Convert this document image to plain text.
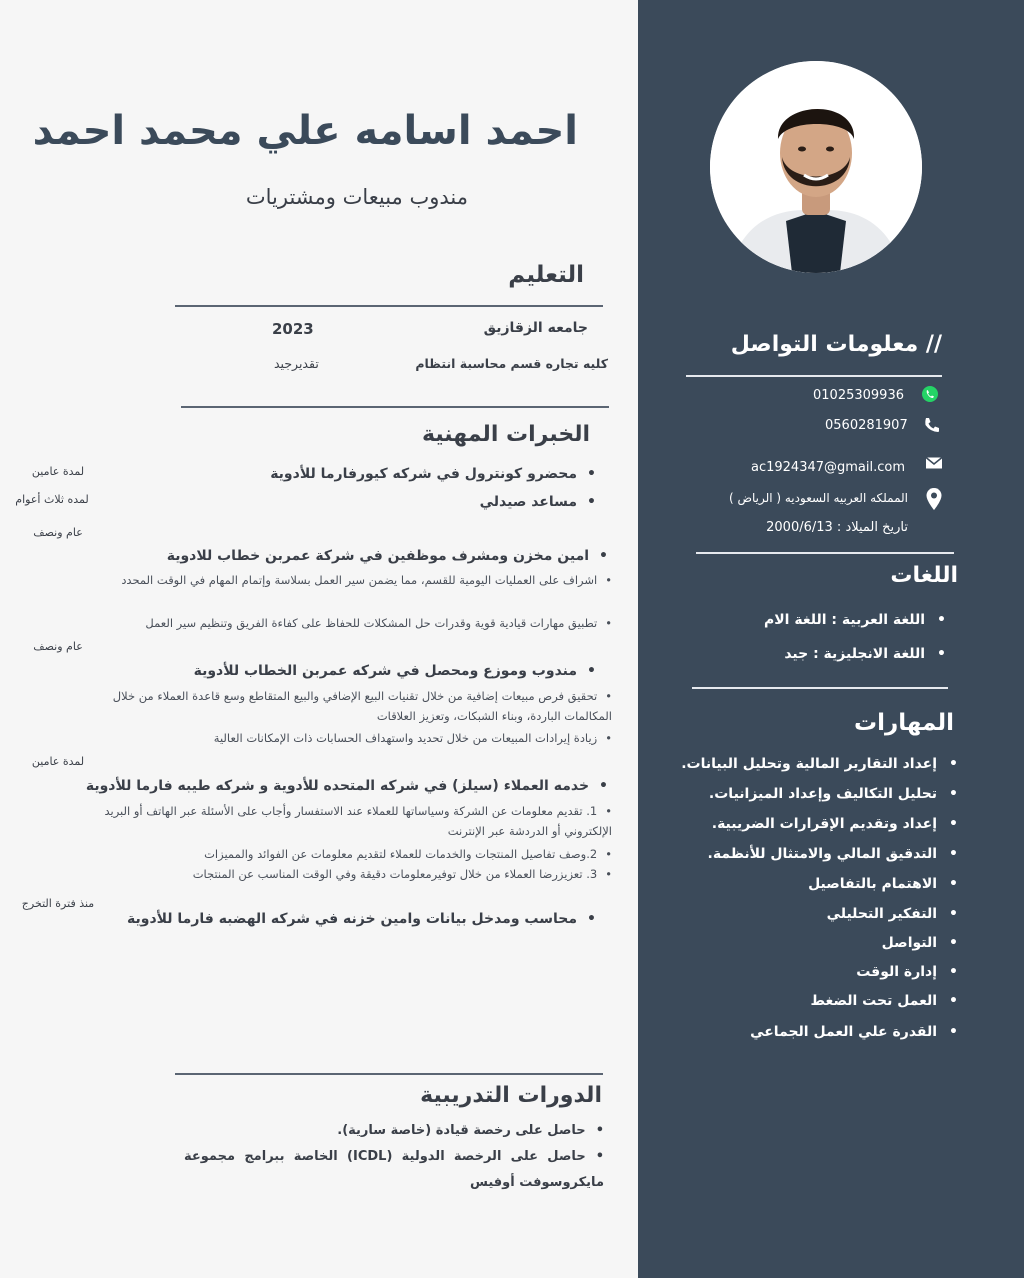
احمد اسامه علي محمد احمد
مندوب مبيعات ومشتريات
التعليم
جامعه الزقازيق
2023
كليه تجاره قسم محاسبة انتظام
تقديرجيد
الخبرات المهنية
• محضرو كونترول في شركه كيورفارما للأدوية
لمدة عامين
• مساعد صيدلي
لمده ثلاث أعوام
عام ونصف
• امين مخزن ومشرف موظفين في شركة عمربن خطاب للادوية
•اشراف على العمليات اليومية للقسم، مما يضمن سير العمل بسلاسة وإتمام المهام في الوقت المحدد
•تطبيق مهارات قيادية قوية وقدرات حل المشكلات للحفاظ على كفاءة الفريق وتنظيم سير العمل
عام ونصف
• مندوب وموزع ومحصل في شركه عمربن الخطاب للأدوية
•تحقيق فرص مبيعات إضافية من خلال تقنيات البيع الإضافي والبيع المتقاطع وسع قاعدة العملاء من خلال المكالمات الباردة، وبناء الشبكات، وتعزيز العلاقات
•زيادة إيرادات المبيعات من خلال تحديد واستهداف الحسابات ذات الإمكانات العالية
لمدة عامين
• خدمه العملاء (سيلز) في شركه المتحده للأدوية و شركه طيبه فارما للأدوية
•1. تقديم معلومات عن الشركة وسياساتها للعملاء عند الاستفسار وأجاب على الأسئلة عبر الهاتف أو البريد الإلكتروني أو الدردشة عبر الإنترنت
•2.وصف تفاصيل المنتجات والخدمات للعملاء لتقديم معلومات عن الفوائد والمميزات
•3. تعزيزرضا العملاء من خلال توفيرمعلومات دقيقة وفي الوقت المناسب عن المنتجات
منذ فترة التخرج
• محاسب ومدخل بيانات وامين خزنه في شركه الهضبه فارما للأدوية
الدورات التدريبية
•حاصل على رخصة قيادة (خاصة سارية).
•حاصل على الرخصة الدولية (ICDL) الخاصة ببرامج مجموعة مايكروسوفت أوفيس
// معلومات التواصل
01025309936
0560281907
ac1924347@gmail.com
المملكه العربيه السعوديه ( الرياض )
تاريخ الميلاد : 2000/6/13
اللغات
• اللغة العربية : اللغة الام
• اللغة الانجليزية : جيد
المهارات
• إعداد التقارير المالية وتحليل البيانات.
• تحليل التكاليف وإعداد الميزانيات.
• إعداد وتقديم الإقرارات الضريبية.
• التدقيق المالي والامتثال للأنظمة.
• الاهتمام بالتفاصيل
• التفكير التحليلي
• التواصل
• إدارة الوقت
• العمل تحت الضغط
• القدرة علي العمل الجماعي
